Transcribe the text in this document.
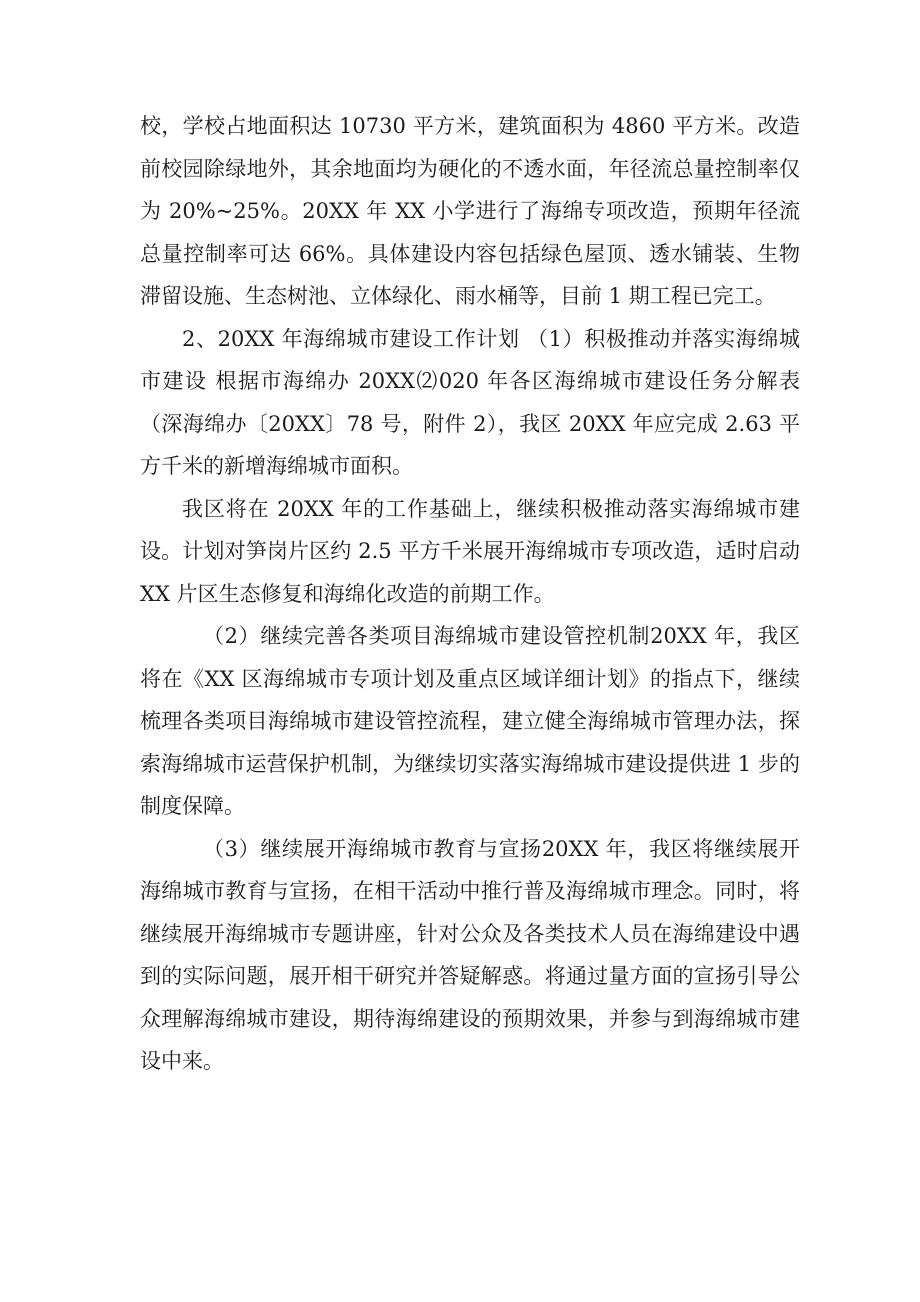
校，学校占地面积达 10730 平方米，建筑面积为 4860 平方米。改造前校园除绿地外，其余地面均为硬化的不透水面，年径流总量控制率仅为 20%~25%。20XX 年 XX 小学进行了海绵专项改造，预期年径流总量控制率可达 66%。具体建设内容包括绿色屋顶、透水铺装、生物滞留设施、生态树池、立体绿化、雨水桶等，目前 1 期工程已完工。

2、20XX 年海绵城市建设工作计划 （1）积极推动并落实海绵城市建设 根据市海绵办 20XX⑵020 年各区海绵城市建设任务分解表（深海绵办〔20XX〕78 号，附件 2），我区 20XX 年应完成 2.63 平方千米的新增海绵城市面积。

我区将在 20XX 年的工作基础上，继续积极推动落实海绵城市建设。计划对笋岗片区约 2.5 平方千米展开海绵城市专项改造，适时启动 XX 片区生态修复和海绵化改造的前期工作。

（2）继续完善各类项目海绵城市建设管控机制20XX 年，我区将在《XX 区海绵城市专项计划及重点区域详细计划》的指点下，继续梳理各类项目海绵城市建设管控流程，建立健全海绵城市管理办法，探索海绵城市运营保护机制，为继续切实落实海绵城市建设提供进 1 步的制度保障。

（3）继续展开海绵城市教育与宣扬20XX 年，我区将继续展开海绵城市教育与宣扬，在相干活动中推行普及海绵城市理念。同时，将继续展开海绵城市专题讲座，针对公众及各类技术人员在海绵建设中遇到的实际问题，展开相干研究并答疑解惑。将通过量方面的宣扬引导公众理解海绵城市建设，期待海绵建设的预期效果，并参与到海绵城市建设中来。
